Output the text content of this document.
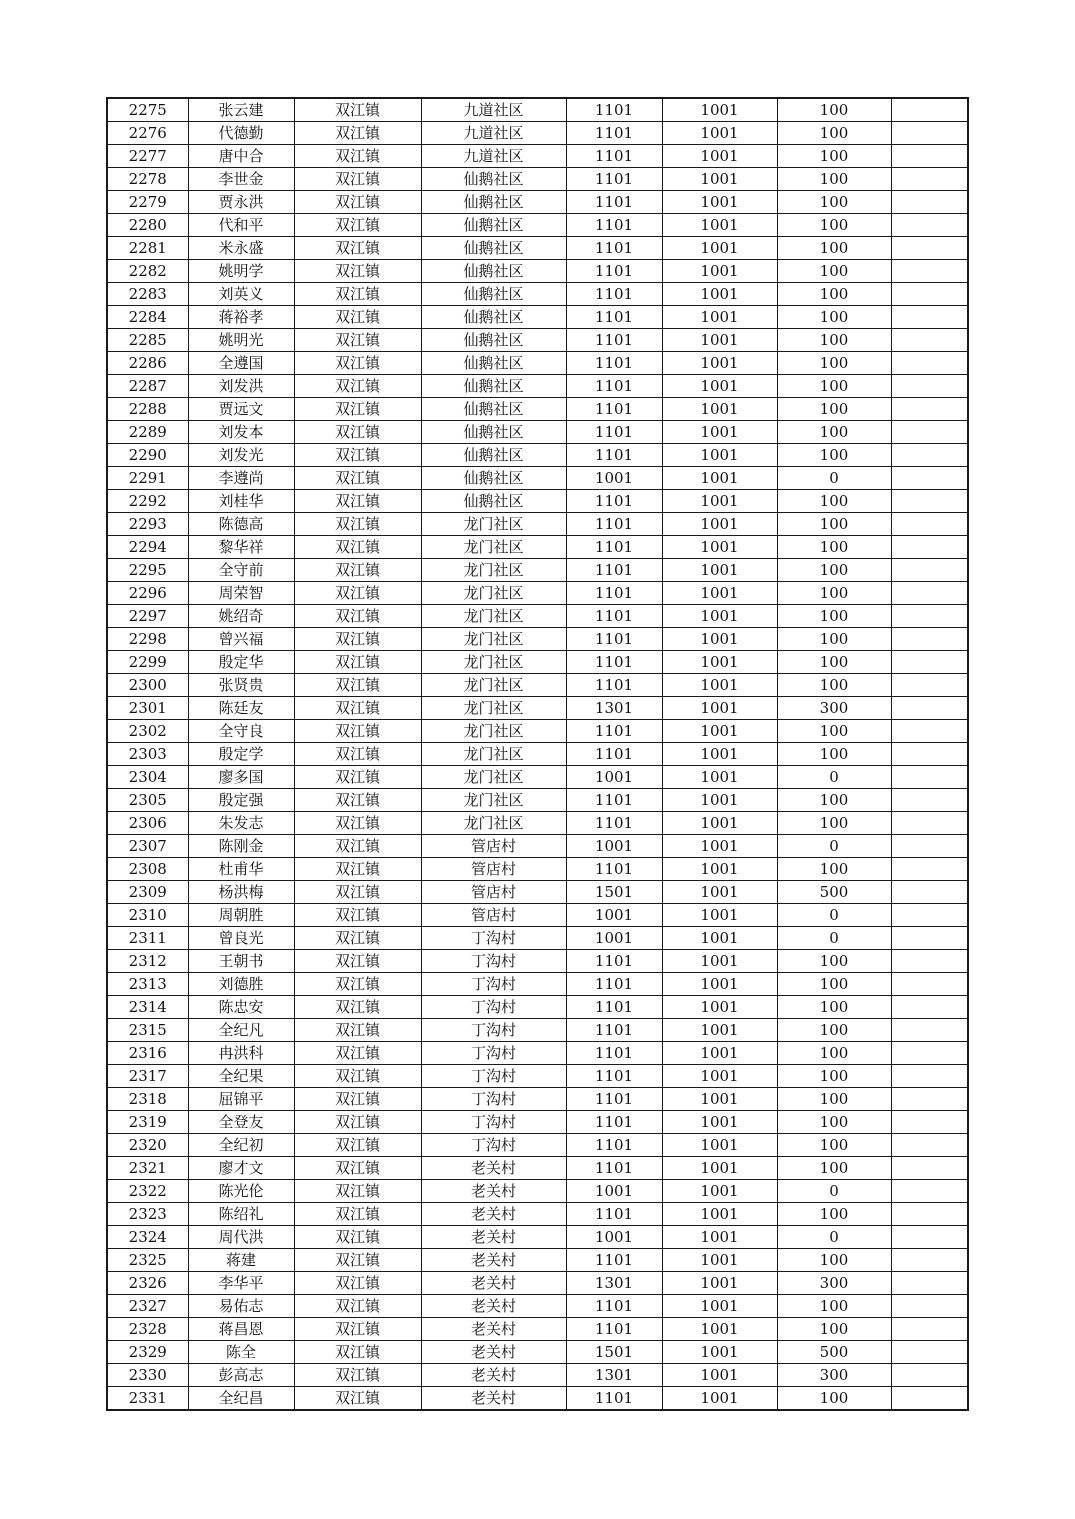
2275	张云建	双江镇	九道社区	1101	1001	100	
2276	代德勤	双江镇	九道社区	1101	1001	100	
2277	唐中合	双江镇	九道社区	1101	1001	100	
2278	李世金	双江镇	仙鹅社区	1101	1001	100	
2279	贾永洪	双江镇	仙鹅社区	1101	1001	100	
2280	代和平	双江镇	仙鹅社区	1101	1001	100	
2281	米永盛	双江镇	仙鹅社区	1101	1001	100	
2282	姚明学	双江镇	仙鹅社区	1101	1001	100	
2283	刘英义	双江镇	仙鹅社区	1101	1001	100	
2284	蒋裕孝	双江镇	仙鹅社区	1101	1001	100	
2285	姚明光	双江镇	仙鹅社区	1101	1001	100	
2286	全遵国	双江镇	仙鹅社区	1101	1001	100	
2287	刘发洪	双江镇	仙鹅社区	1101	1001	100	
2288	贾远文	双江镇	仙鹅社区	1101	1001	100	
2289	刘发本	双江镇	仙鹅社区	1101	1001	100	
2290	刘发光	双江镇	仙鹅社区	1101	1001	100	
2291	李遵尚	双江镇	仙鹅社区	1001	1001	0	
2292	刘桂华	双江镇	仙鹅社区	1101	1001	100	
2293	陈德高	双江镇	龙门社区	1101	1001	100	
2294	黎华祥	双江镇	龙门社区	1101	1001	100	
2295	全守前	双江镇	龙门社区	1101	1001	100	
2296	周荣智	双江镇	龙门社区	1101	1001	100	
2297	姚绍奇	双江镇	龙门社区	1101	1001	100	
2298	曾兴福	双江镇	龙门社区	1101	1001	100	
2299	殷定华	双江镇	龙门社区	1101	1001	100	
2300	张贤贵	双江镇	龙门社区	1101	1001	100	
2301	陈廷友	双江镇	龙门社区	1301	1001	300	
2302	全守良	双江镇	龙门社区	1101	1001	100	
2303	殷定学	双江镇	龙门社区	1101	1001	100	
2304	廖多国	双江镇	龙门社区	1001	1001	0	
2305	殷定强	双江镇	龙门社区	1101	1001	100	
2306	朱发志	双江镇	龙门社区	1101	1001	100	
2307	陈刚金	双江镇	管店村	1001	1001	0	
2308	杜甫华	双江镇	管店村	1101	1001	100	
2309	杨洪梅	双江镇	管店村	1501	1001	500	
2310	周朝胜	双江镇	管店村	1001	1001	0	
2311	曾良光	双江镇	丁沟村	1001	1001	0	
2312	王朝书	双江镇	丁沟村	1101	1001	100	
2313	刘德胜	双江镇	丁沟村	1101	1001	100	
2314	陈忠安	双江镇	丁沟村	1101	1001	100	
2315	全纪凡	双江镇	丁沟村	1101	1001	100	
2316	冉洪科	双江镇	丁沟村	1101	1001	100	
2317	全纪果	双江镇	丁沟村	1101	1001	100	
2318	屈锦平	双江镇	丁沟村	1101	1001	100	
2319	全登友	双江镇	丁沟村	1101	1001	100	
2320	全纪初	双江镇	丁沟村	1101	1001	100	
2321	廖才文	双江镇	老关村	1101	1001	100	
2322	陈光伦	双江镇	老关村	1001	1001	0	
2323	陈绍礼	双江镇	老关村	1101	1001	100	
2324	周代洪	双江镇	老关村	1001	1001	0	
2325	蒋建	双江镇	老关村	1101	1001	100	
2326	李华平	双江镇	老关村	1301	1001	300	
2327	易佑志	双江镇	老关村	1101	1001	100	
2328	蒋昌恩	双江镇	老关村	1101	1001	100	
2329	陈全	双江镇	老关村	1501	1001	500	
2330	彭高志	双江镇	老关村	1301	1001	300	
2331	全纪昌	双江镇	老关村	1101	1001	100	
